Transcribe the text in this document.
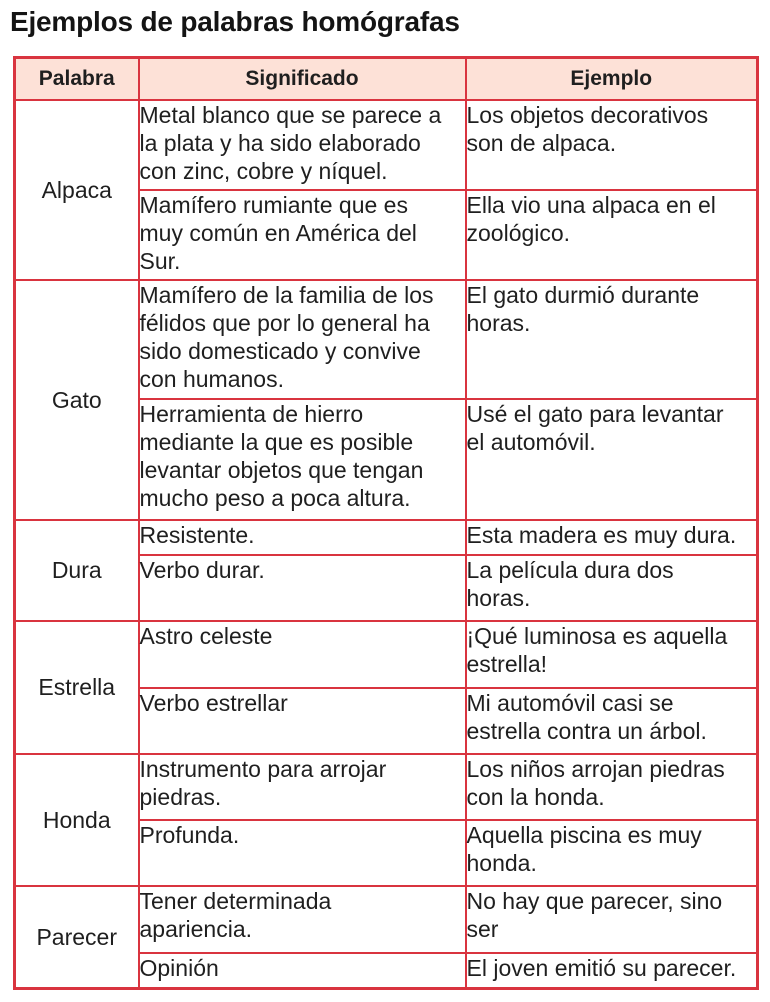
Ejemplos de palabras homógrafas
Palabra	Significado	Ejemplo
Alpaca	Metal blanco que se parece a
la plata y ha sido elaborado
con zinc, cobre y níquel.	Los objetos decorativos
son de alpaca.
	Mamífero rumiante que es
muy común en América del
Sur.	Ella vio una alpaca en el
zoológico.
Gato	Mamífero de la familia de los
félidos que por lo general ha
sido domesticado y convive
con humanos.	El gato durmió durante
horas.
	Herramienta de hierro
mediante la que es posible
levantar objetos que tengan
mucho peso a poca altura.	Usé el gato para levantar
el automóvil.
Dura	Resistente.	Esta madera es muy dura.
	Verbo durar.	La película dura dos
horas.
Estrella	Astro celeste	¡Qué luminosa es aquella
estrella!
	Verbo estrellar	Mi automóvil casi se
estrella contra un árbol.
Honda	Instrumento para arrojar
piedras.	Los niños arrojan piedras
con la honda.
	Profunda.	Aquella piscina es muy
honda.
Parecer	Tener determinada
apariencia.	No hay que parecer, sino
ser
	Opinión	El joven emitió su parecer.
